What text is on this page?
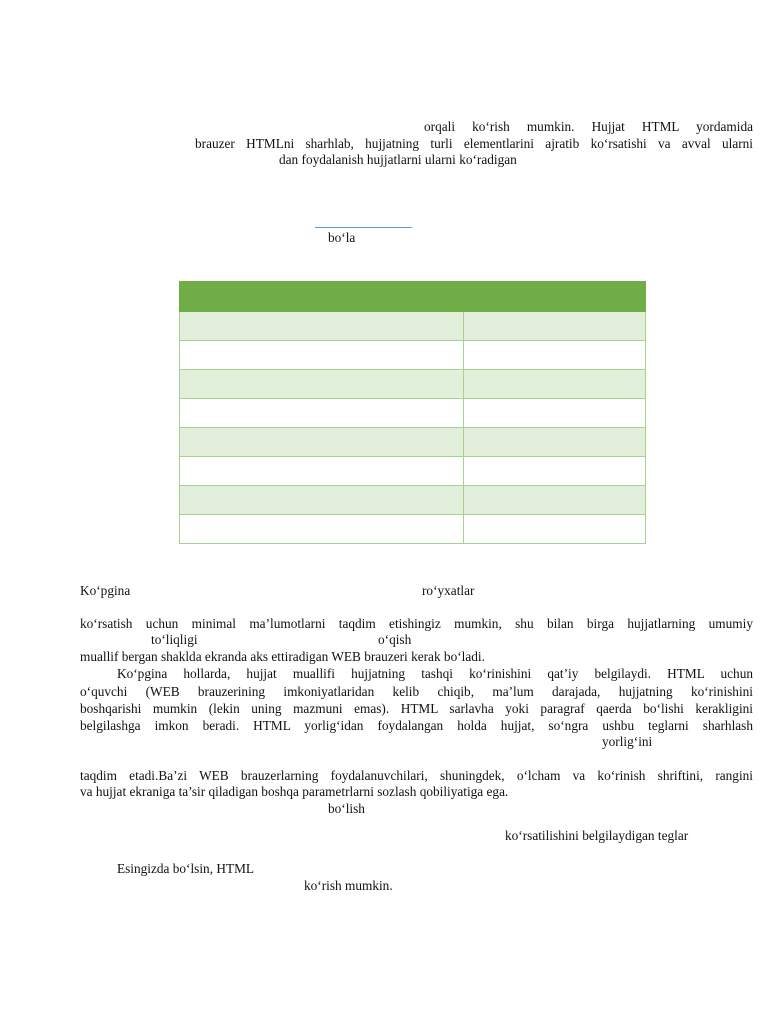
orqali ko‘rish mumkin. Hujjat HTML yordamida
brauzer HTMLni sharhlab, hujjatning turli elementlarini ajratib ko‘rsatishi va avval ularni
dan foydalanish hujjatlarni ularni ko‘radigan
bo‘la

Ko‘pgina	ro‘yxatlar
ko‘rsatish uchun minimal ma’lumotlarni taqdim etishingiz mumkin, shu bilan birga hujjatlarning umumiy
to‘liqligi	o‘qish
muallif bergan shaklda ekranda aks ettiradigan WEB brauzeri kerak bo‘ladi.
Ko‘pgina hollarda, hujjat muallifi hujjatning tashqi ko‘rinishini qat’iy belgilaydi. HTML uchun
o‘quvchi (WEB brauzerining imkoniyatlaridan kelib chiqib, ma’lum darajada, hujjatning ko‘rinishini
boshqarishi mumkin (lekin uning mazmuni emas). HTML sarlavha yoki paragraf qaerda bo‘lishi kerakligini
belgilashga imkon beradi. HTML yorlig‘idan foydalangan holda hujjat, so‘ngra ushbu teglarni sharhlash
yorlig‘ini
taqdim etadi.Ba’zi WEB brauzerlarning foydalanuvchilari, shuningdek, o‘lcham va ko‘rinish shriftini, rangini
va hujjat ekraniga ta’sir qiladigan boshqa parametrlarni sozlash qobiliyatiga ega.
bo‘lish
ko‘rsatilishini belgilaydigan teglar
Esingizda bo‘lsin, HTML
ko‘rish mumkin.
